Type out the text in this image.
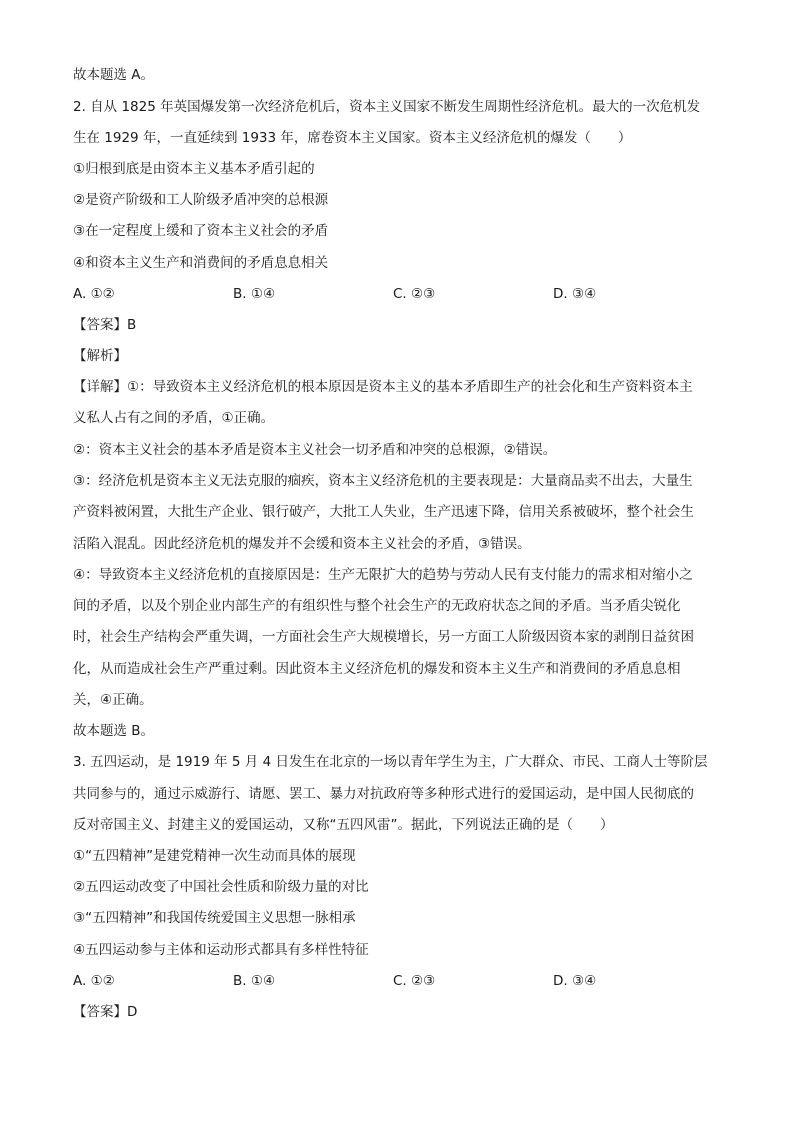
故本题选 A。
2. 自从 1825 年英国爆发第一次经济危机后，资本主义国家不断发生周期性经济危机。最大的一次危机发
生在 1929 年，一直延续到 1933 年，席卷资本主义国家。资本主义经济危机的爆发（　　）
①归根到底是由资本主义基本矛盾引起的
②是资产阶级和工人阶级矛盾冲突的总根源
③在一定程度上缓和了资本主义社会的矛盾
④和资本主义生产和消费间的矛盾息息相关
A. ①②	B. ①④	C. ②③	D. ③④
【答案】B
【解析】
【详解】①：导致资本主义经济危机的根本原因是资本主义的基本矛盾即生产的社会化和生产资料资本主
义私人占有之间的矛盾，①正确。
②：资本主义社会的基本矛盾是资本主义社会一切矛盾和冲突的总根源，②错误。
③：经济危机是资本主义无法克服的痼疾，资本主义经济危机的主要表现是：大量商品卖不出去，大量生
产资料被闲置，大批生产企业、银行破产，大批工人失业，生产迅速下降，信用关系被破坏，整个社会生
活陷入混乱。因此经济危机的爆发并不会缓和资本主义社会的矛盾，③错误。
④：导致资本主义经济危机的直接原因是：生产无限扩大的趋势与劳动人民有支付能力的需求相对缩小之
间的矛盾，以及个别企业内部生产的有组织性与整个社会生产的无政府状态之间的矛盾。当矛盾尖锐化
时，社会生产结构会严重失调，一方面社会生产大规模增长，另一方面工人阶级因资本家的剥削日益贫困
化，从而造成社会生产严重过剩。因此资本主义经济危机的爆发和资本主义生产和消费间的矛盾息息相
关，④正确。
故本题选 B。
3. 五四运动，是 1919 年 5 月 4 日发生在北京的一场以青年学生为主，广大群众、市民、工商人士等阶层
共同参与的，通过示威游行、请愿、罢工、暴力对抗政府等多种形式进行的爱国运动，是中国人民彻底的
反对帝国主义、封建主义的爱国运动，又称“五四风雷”。据此，下列说法正确的是（　　）
①“五四精神”是建党精神一次生动而具体的展现
②五四运动改变了中国社会性质和阶级力量的对比
③“五四精神”和我国传统爱国主义思想一脉相承
④五四运动参与主体和运动形式都具有多样性特征
A. ①②	B. ①④	C. ②③	D. ③④
【答案】D
